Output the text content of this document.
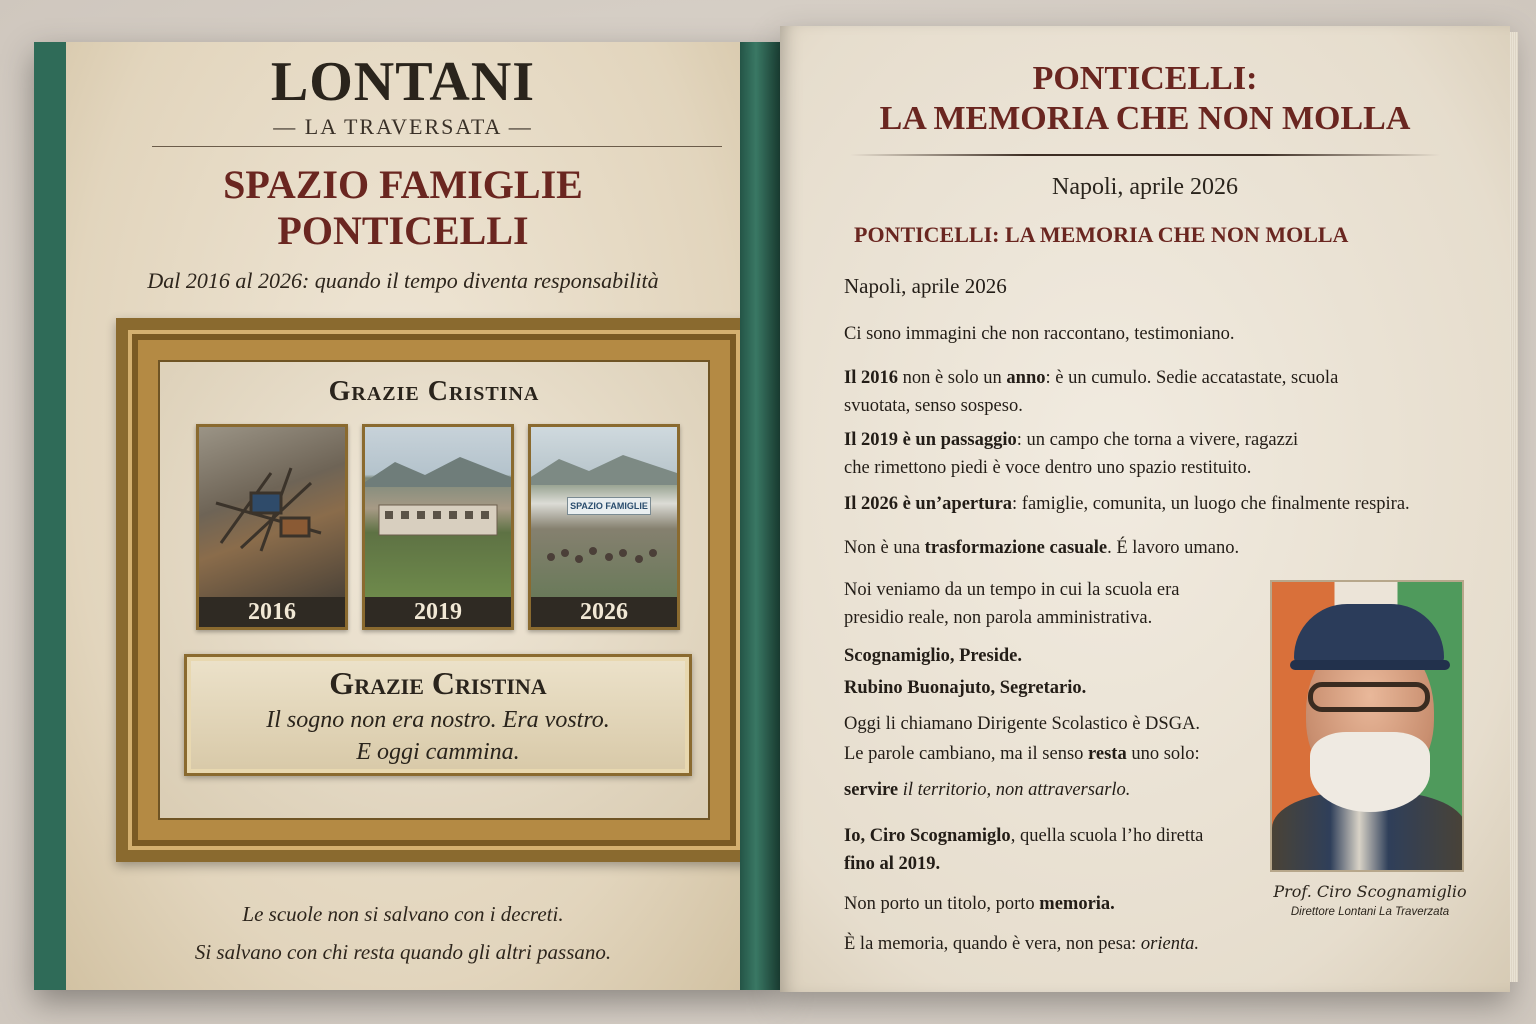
LONTANI
— LA TRAVERSATA —
SPAZIO FAMIGLIE
PONTICELLI
Dal 2016 al 2026: quando il tempo diventa responsabilità
Grazie Cristina
2016	2019
SPAZIO FAMIGLIE
2026
Grazie Cristina
Il sogno non era nostro. Era vostro.
E oggi cammina.
Le scuole non si salvano con i decreti.
Si salvano con chi resta quando gli altri passano.
PONTICELLI:
LA MEMORIA CHE NON MOLLA
Napoli, aprile 2026
PONTICELLI: LA MEMORIA CHE NON MOLLA
Napoli, aprile 2026
Ci sono immagini che non raccontano, testimoniano.
Il 2016 non è solo un anno: è un cumulo. Sedie accatastate, scuola
svuotata, senso sospeso.
Il 2019 è un passaggio: un campo che torna a vivere, ragazzi
che rimettono piedi è voce dentro uno spazio restituito.
Il 2026 è un’apertura: famiglie, comunita, un luogo che finalmente respira.
Non è una trasformazione casuale. É lavoro umano.
Noi veniamo da un tempo in cui la scuola era
presidio reale, non parola amministrativa.
Scognamiglio, Preside.
Rubino Buonajuto, Segretario.
Oggi li chiamano Dirigente Scolastico è DSGA.
Le parole cambiano, ma il senso resta uno solo:
servire il territorio, non attraversarlo.
Io, Ciro Scognamiglo, quella scuola l’ho diretta
fino al 2019.
Non porto un titolo, porto memoria.
È la memoria, quando è vera, non pesa: orienta.
Prof. Ciro Scognamiglio
Direttore Lontani La Traverzata
